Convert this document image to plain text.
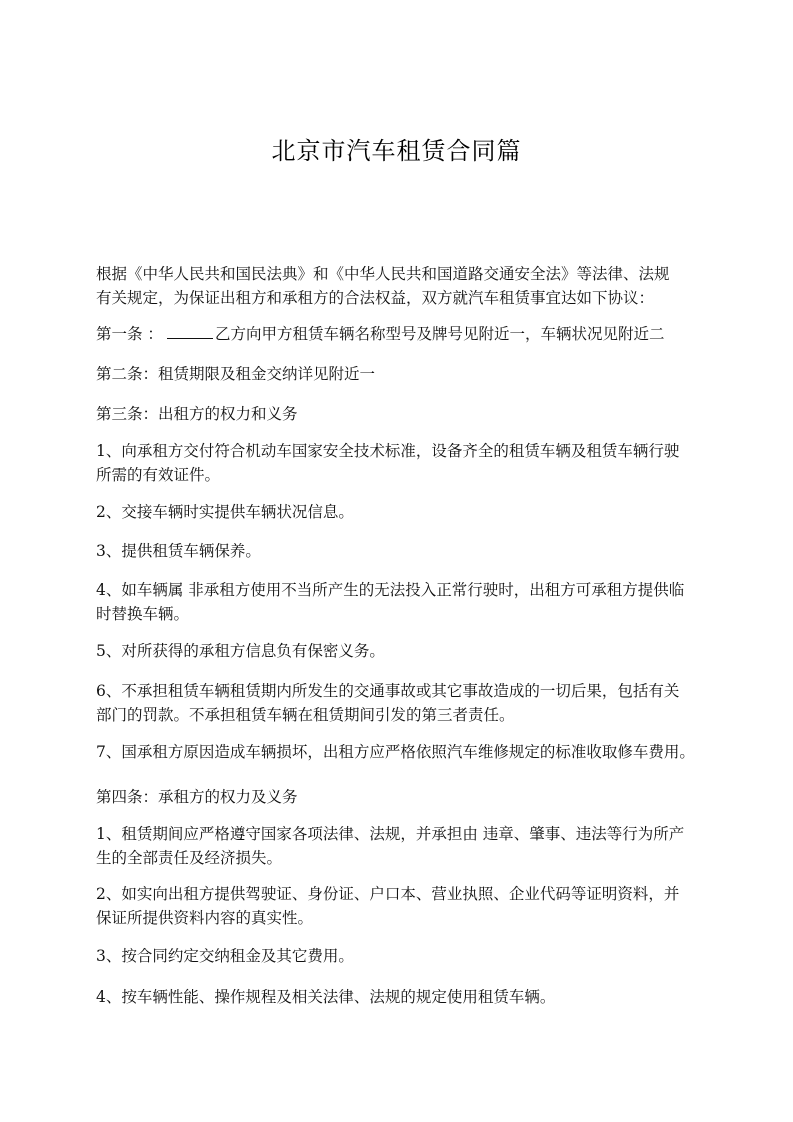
北京市汽车租赁合同篇
根据《中华人民共和国民法典》和《中华人民共和国道路交通安全法》等法律、法规
有关规定，为保证出租方和承租方的合法权益，双方就汽车租赁事宜达如下协议：
第一条 ：	乙方向甲方租赁车辆名称型号及牌号见附近一，车辆状况见附近二
第二条：租赁期限及租金交纳详见附近一
第三条：出租方的权力和义务
1、向承租方交付符合机动车国家安全技术标准，设备齐全的租赁车辆及租赁车辆行驶
所需的有效证件。
2、交接车辆时实提供车辆状况信息。
3、提供租赁车辆保养。
4、如车辆属 非承租方使用不当所产生的无法投入正常行驶时，出租方可承租方提供临
时替换车辆。
5、对所获得的承租方信息负有保密义务。
6、不承担租赁车辆租赁期内所发生的交通事故或其它事故造成的一切后果，包括有关
部门的罚款。不承担租赁车辆在租赁期间引发的第三者责任。
7、国承租方原因造成车辆损坏，出租方应严格依照汽车维修规定的标准收取修车费用。
第四条：承租方的权力及义务
1、租赁期间应严格遵守国家各项法律、法规，并承担由 违章、肇事、违法等行为所产
生的全部责任及经济损失。
2、如实向出租方提供驾驶证、身份证、户口本、营业执照、企业代码等证明资料，并
保证所提供资料内容的真实性。
3、按合同约定交纳租金及其它费用。
4、按车辆性能、操作规程及相关法律、法规的规定使用租赁车辆。
